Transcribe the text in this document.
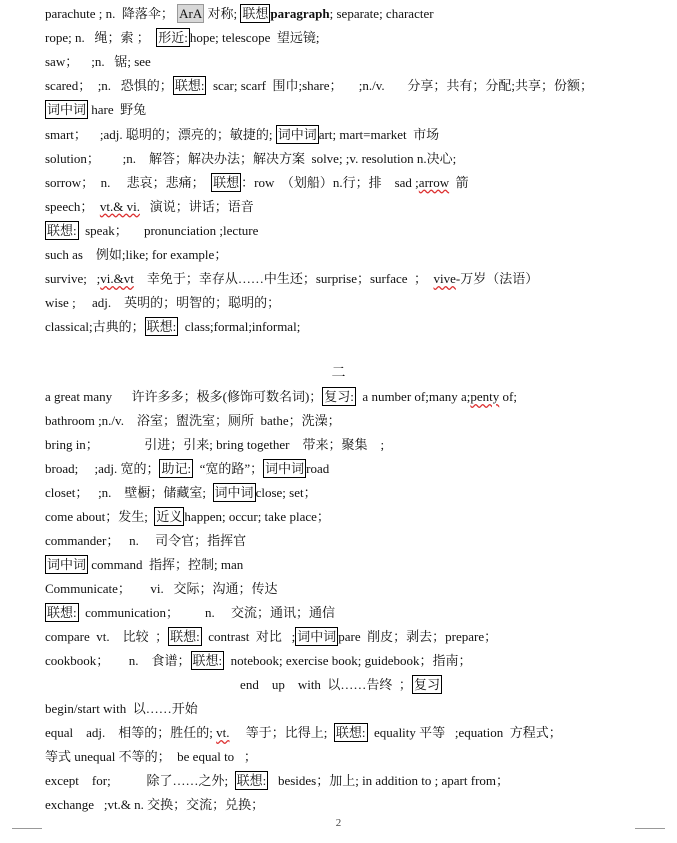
parachute ; n.  降落伞； ArA 对称; 联想 paragraph; separate; character
rope; n.   绳；索 ；  形近: hope; telescope  望远镜;
saw；    ;n.   锯; see
scared；  ;n.   恐惧的； 联想:  scar; scarf  围巾;share；     ;n./v.       分享；共有；分配;共享；份额；
词中词 hare  野兔
smart；    ;adj. 聪明的；漂亮的；敏捷的; 词中词 art; mart=market  市场
solution；       ;n.    解答；解决办法；解决方案  solve; ;v. resolution n.决心;
sorrow；  n.     悲哀；悲痛；  联想 ：row  （划船）n.行；排    sad ;arrow  箭
speech；  vt.& vi.   演说；讲话；语音
联想:  speak；     pronunciation ;lecture
such as    例如;like; for example；
survive;   ;vi.&vt    幸免于；幸存从……中生还；surprise；surface  ；  vive-万岁（法语）
wise ;     adj.    英明的；明智的；聪明的；
classical;古典的； 联想:  class;formal;informal;
二
a great many      许许多多；极多(修饰可数名词)； 复习:  a number of;many a;penty of;
bathroom ;n./v.    浴室；盥洗室；厕所  bathe；洗澡；
bring in；              引进；引来; bring together    带来；聚集    ;
broad;     ;adj. 宽的； 助记:  “宽的路”； 词中词 road
closet；   ;n.    壁橱；储藏室;  词中词 close; set；
come about；发生;  近义 happen; occur; take place；
commander；   n.     司令官；指挥官
词中词 command  指挥；控制; man
Communicate；      vi.   交际；沟通；传达
联想:  communication；        n.     交流；通讯；通信
compare  vt.    比较  ； 联想:  contrast  对比   ; 词中词 pare  削皮；剥去；prepare；
cookbook；      n.    食谱； 联想:  notebook; exercise book; guidebook；指南；
end    up    with  以……告终  ； 复习
begin/start with  以……开始
equal    adj.    相等的；胜任的; vt.     等于；比得上;  联想:  equality 平等   ;equation  方程式；
等式 unequal 不等的；  be equal to   ；
except    for;           除了……之外;  联想:   besides；加上; in addition to ; apart from；
exchange   ;vt.& n. 交换；交流；兑换；
2
